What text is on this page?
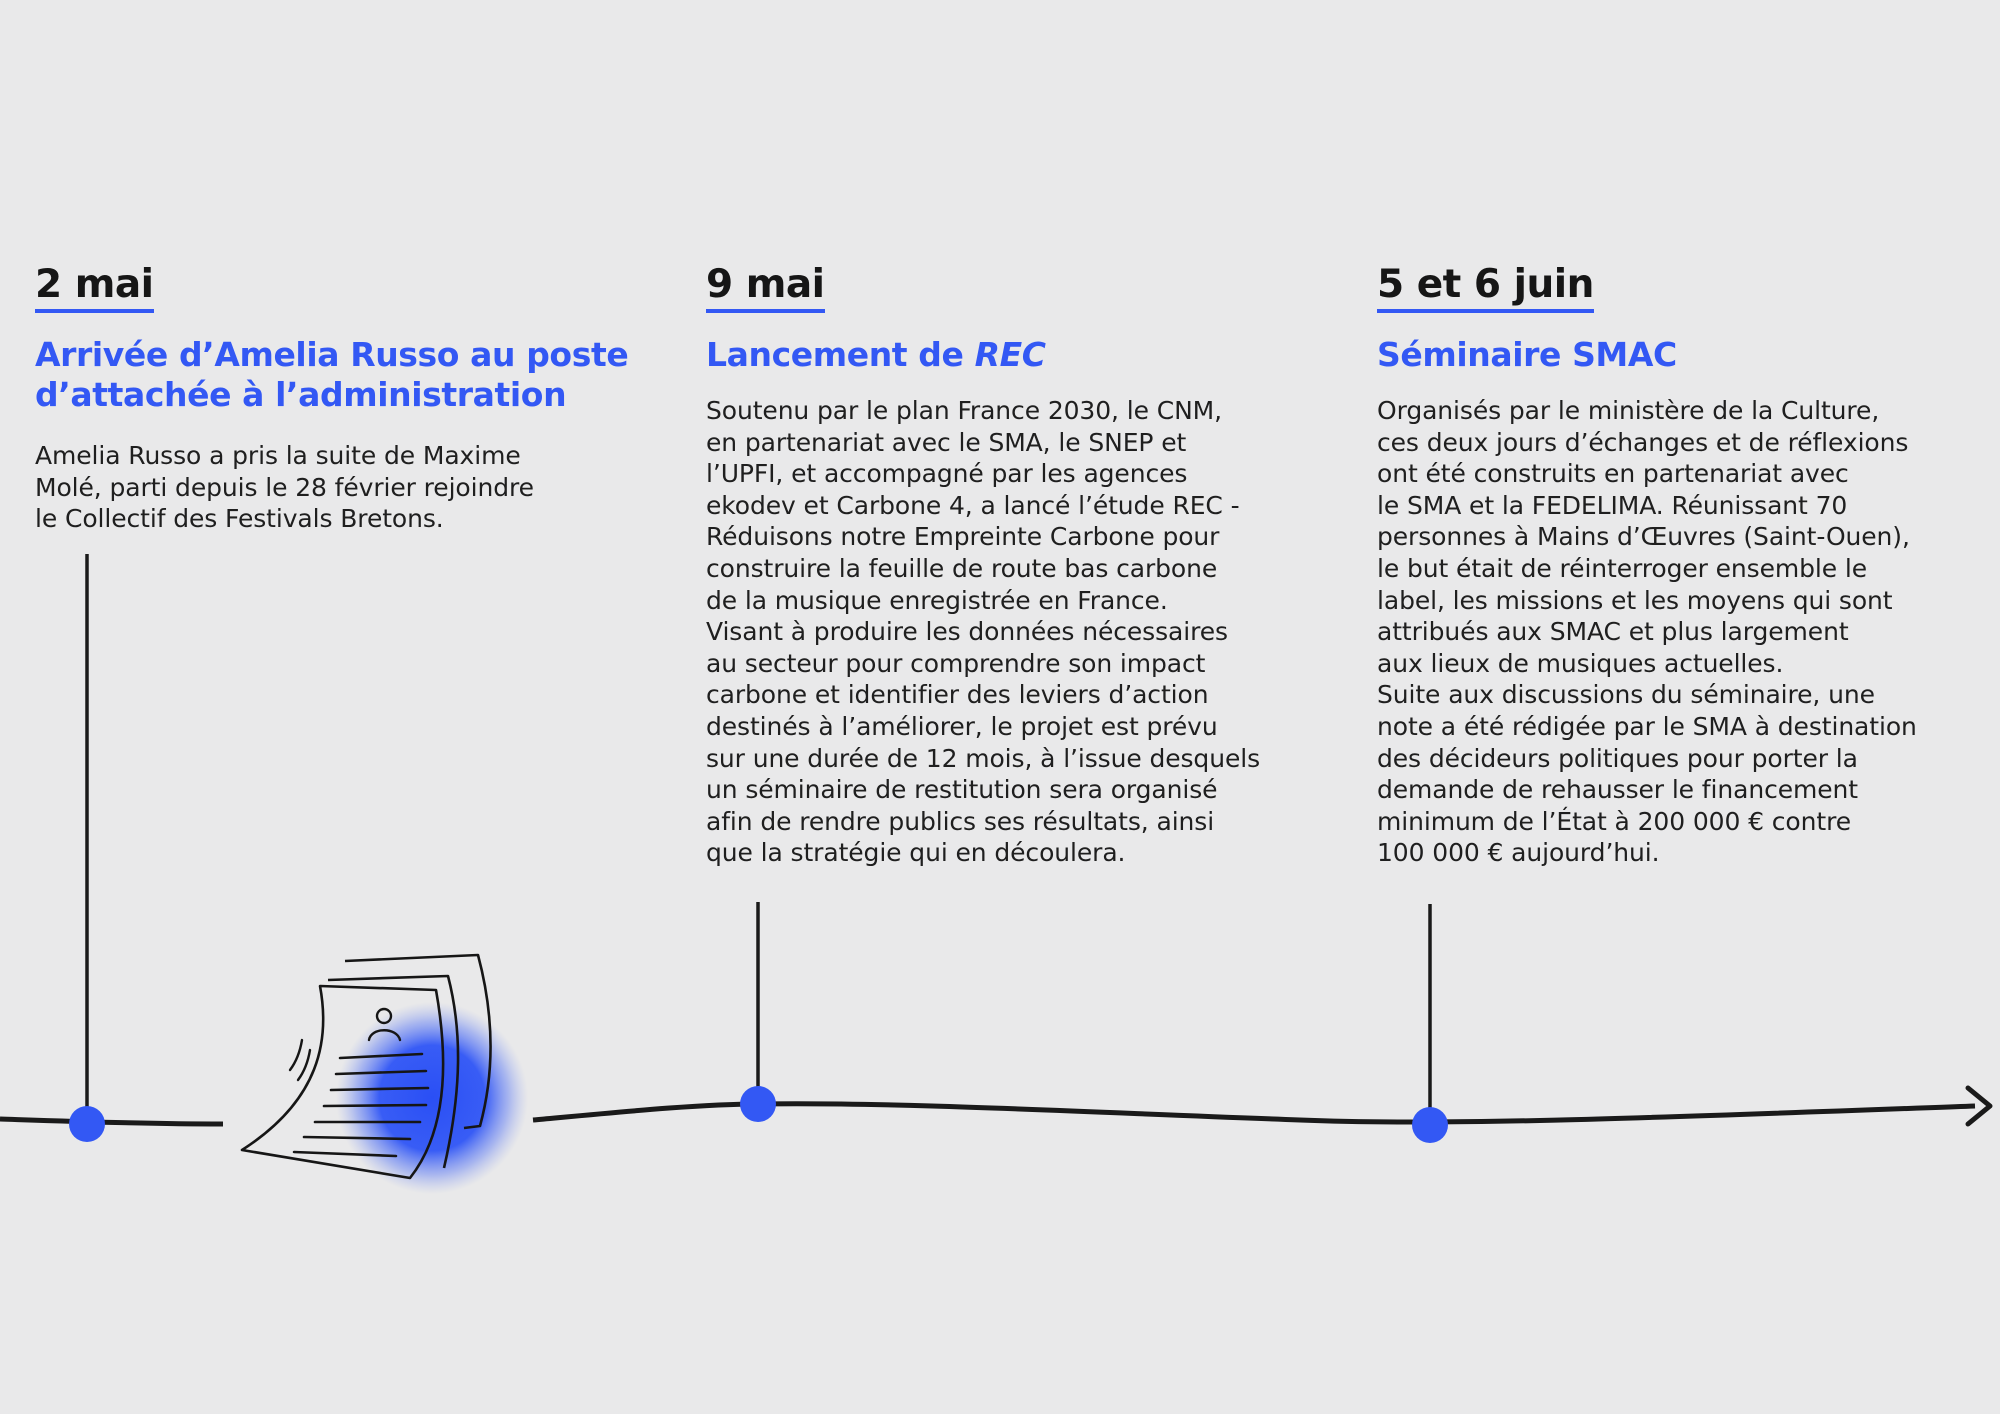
2 mai
Arrivée d’Amelia Russo au poste
d’attachée à l’administration

Amelia Russo a pris la suite de Maxime
Molé, parti depuis le 28 février rejoindre
le Collectif des Festivals Bretons.

9 mai
Lancement de REC

Soutenu par le plan France 2030, le CNM,
en partenariat avec le SMA, le SNEP et
l’UPFI, et accompagné par les agences
ekodev et Carbone 4, a lancé l’étude REC -
Réduisons notre Empreinte Carbone pour
construire la feuille de route bas carbone
de la musique enregistrée en France.
Visant à produire les données nécessaires
au secteur pour comprendre son impact
carbone et identifier des leviers d’action
destinés à l’améliorer, le projet est prévu
sur une durée de 12 mois, à l’issue desquels
un séminaire de restitution sera organisé
afin de rendre publics ses résultats, ainsi
que la stratégie qui en découlera.

5 et 6 juin
Séminaire SMAC

Organisés par le ministère de la Culture,
ces deux jours d’échanges et de réflexions
ont été construits en partenariat avec
le SMA et la FEDELIMA. Réunissant 70
personnes à Mains d’Œuvres (Saint-Ouen),
le but était de réinterroger ensemble le
label, les missions et les moyens qui sont
attribués aux SMAC et plus largement
aux lieux de musiques actuelles.
Suite aux discussions du séminaire, une
note a été rédigée par le SMA à destination
des décideurs politiques pour porter la
demande de rehausser le financement
minimum de l’État à 200 000 € contre
100 000 € aujourd’hui.
